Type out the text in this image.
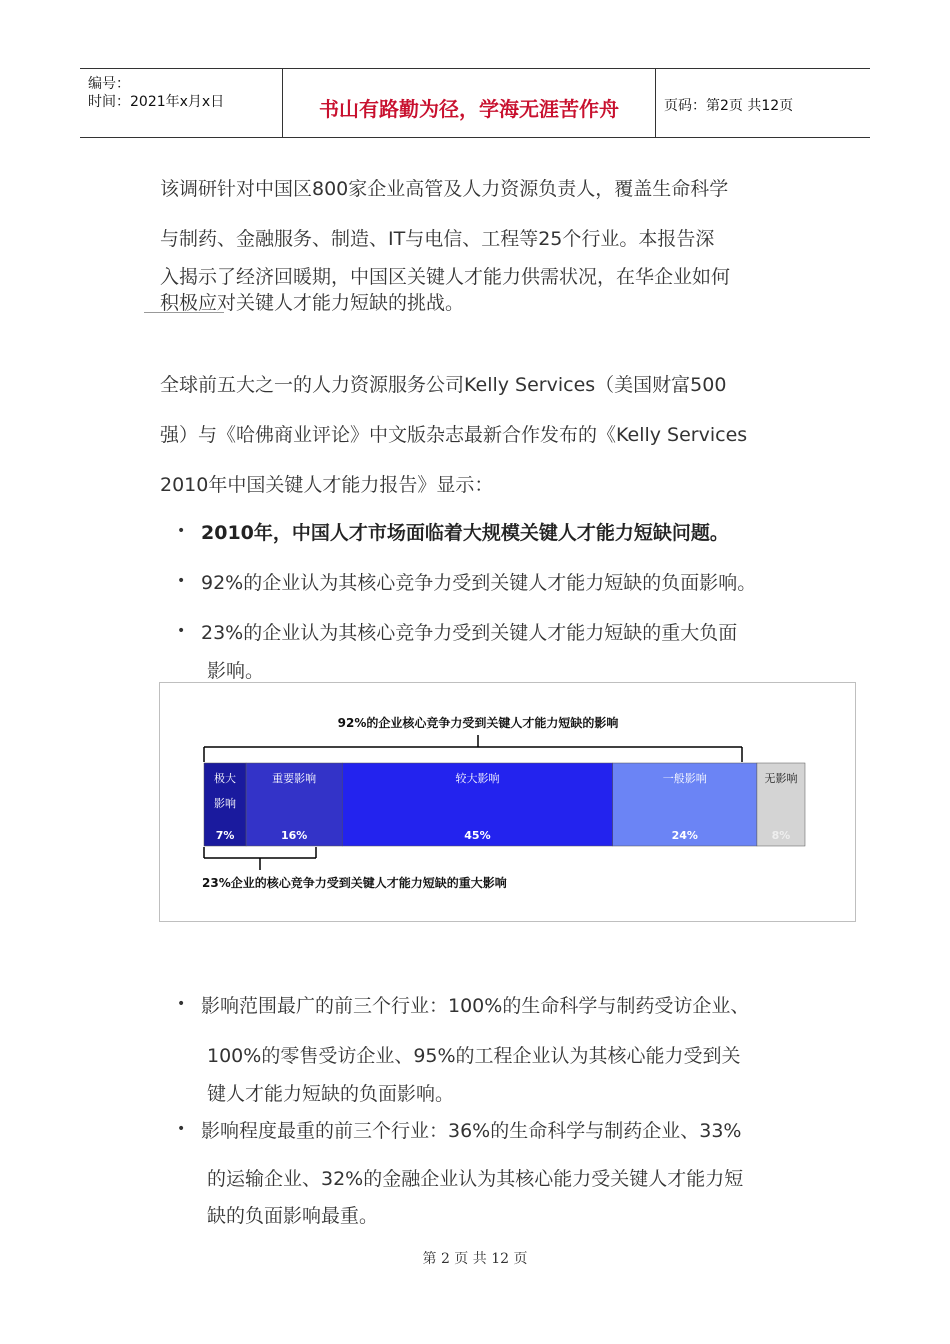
编号：
时间：2021年x月x日	书山有路勤为径，学海无涯苦作舟	页码：第2页 共12页
该调研针对中国区800家企业高管及人力资源负责人，覆盖生命科学
与制药、金融服务、制造、IT与电信、工程等25个行业。本报告深
入揭示了经济回暖期，中国区关键人才能力供需状况，在华企业如何
积极应对关键人才能力短缺的挑战。
全球前五大之一的人力资源服务公司Kelly Services（美国财富500
强）与《哈佛商业评论》中文版杂志最新合作发布的《Kelly Services
2010年中国关键人才能力报告》显示：
• 2010年，中国人才市场面临着大规模关键人才能力短缺问题。
• 92%的企业认为其核心竞争力受到关键人才能力短缺的负面影响。
• 23%的企业认为其核心竞争力受到关键人才能力短缺的重大负面
影响。
92%的企业核心竞争力受到关键人才能力短缺的影响
极大
影响
7%
重要影响
16%
较大影响
45%
一般影响
24%
无影响
8%
23%企业的核心竞争力受到关键人才能力短缺的重大影响
• 影响范围最广的前三个行业：100%的生命科学与制药受访企业、
100%的零售受访企业、95%的工程企业认为其核心能力受到关
键人才能力短缺的负面影响。
• 影响程度最重的前三个行业：36%的生命科学与制药企业、33%
的运输企业、32%的金融企业认为其核心能力受关键人才能力短
缺的负面影响最重。
第 2 页 共 12 页
